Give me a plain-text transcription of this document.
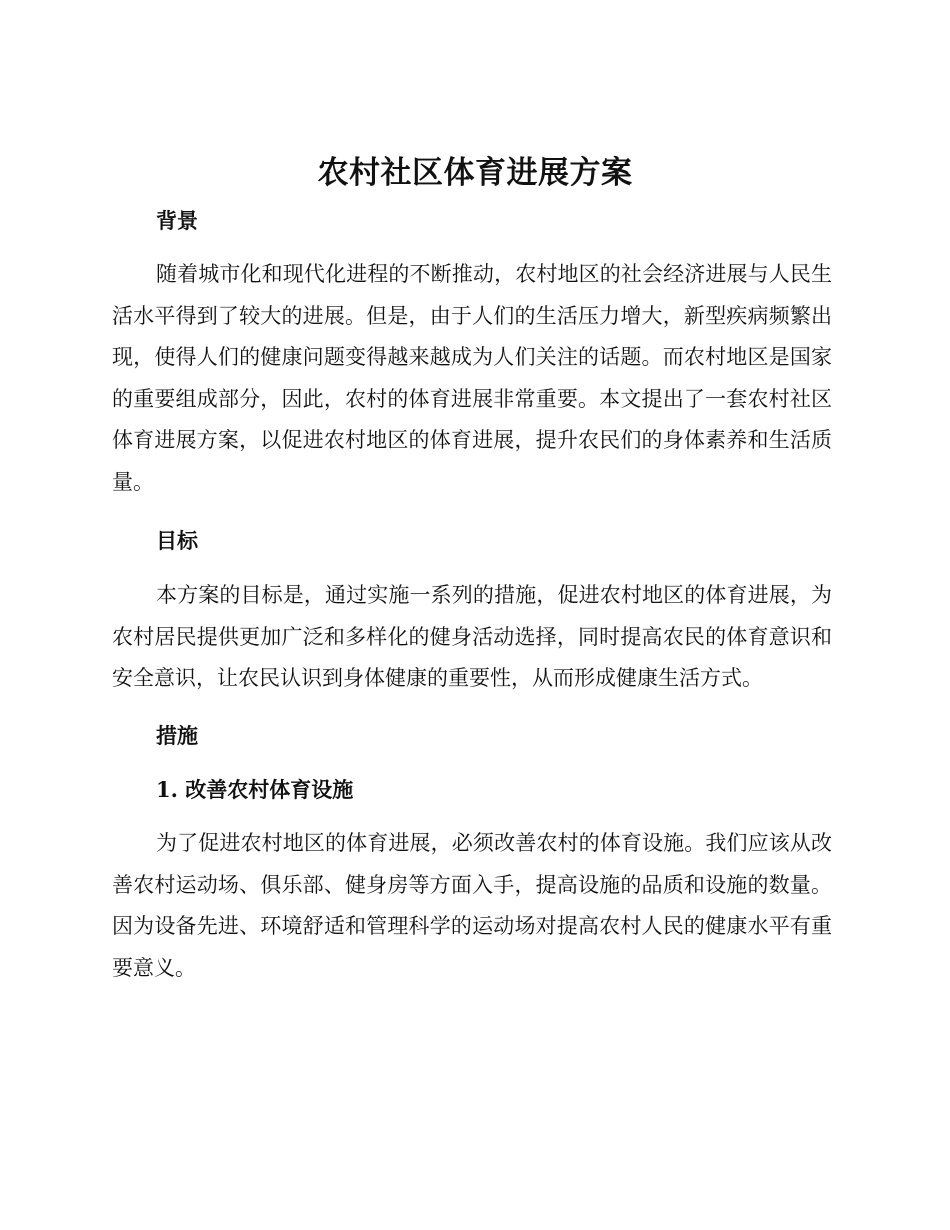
农村社区体育进展方案
背景

随着城市化和现代化进程的不断推动，农村地区的社会经济进展与人民生活水平得到了较大的进展。但是，由于人们的生活压力增大，新型疾病频繁出现，使得人们的健康问题变得越来越成为人们关注的话题。而农村地区是国家的重要组成部分，因此，农村的体育进展非常重要。本文提出了一套农村社区体育进展方案，以促进农村地区的体育进展，提升农民们的身体素养和生活质量。

目标

本方案的目标是，通过实施一系列的措施，促进农村地区的体育进展，为农村居民提供更加广泛和多样化的健身活动选择，同时提高农民的体育意识和安全意识，让农民认识到身体健康的重要性，从而形成健康生活方式。

措施
1. 改善农村体育设施

为了促进农村地区的体育进展，必须改善农村的体育设施。我们应该从改善农村运动场、俱乐部、健身房等方面入手，提高设施的品质和设施的数量。因为设备先进、环境舒适和管理科学的运动场对提高农村人民的健康水平有重要意义。
